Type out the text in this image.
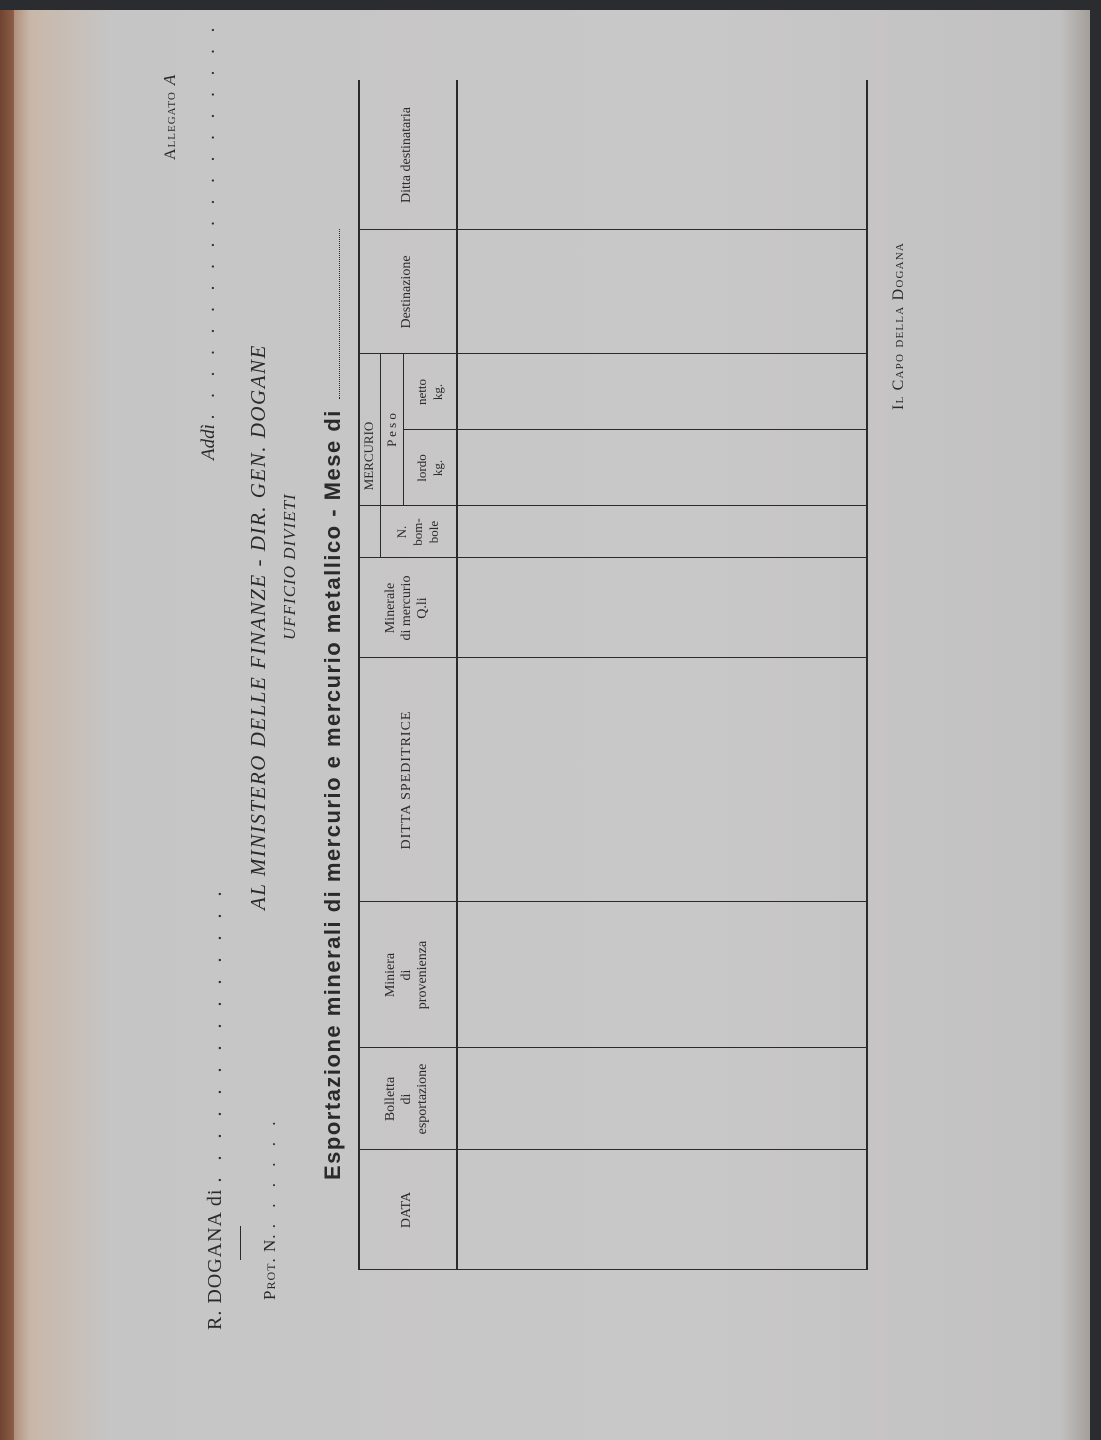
AllegatoA
Addì . . . . . . . . . . . . . . . . . . .
R. DOGANA di . . . . . . . . . . . . . .
Prot. N. . . . . . .
AL MINISTERO DELLE FINANZE - DIR. GEN. DOGANE UFFICIO DIVIETI Esportazione minerali di mercurio e mercurio metallico - Mese di
DATA
Bolletta di esportazione
Miniera di provenienza
DITTA SPEDITRICE
Minerale di mercurio Q.li
MERCURIO
N. bom- bole
P e s o
lordo kg.
netto kg.
Destinazione
Ditta destinataria
Il Capo della Dogana
